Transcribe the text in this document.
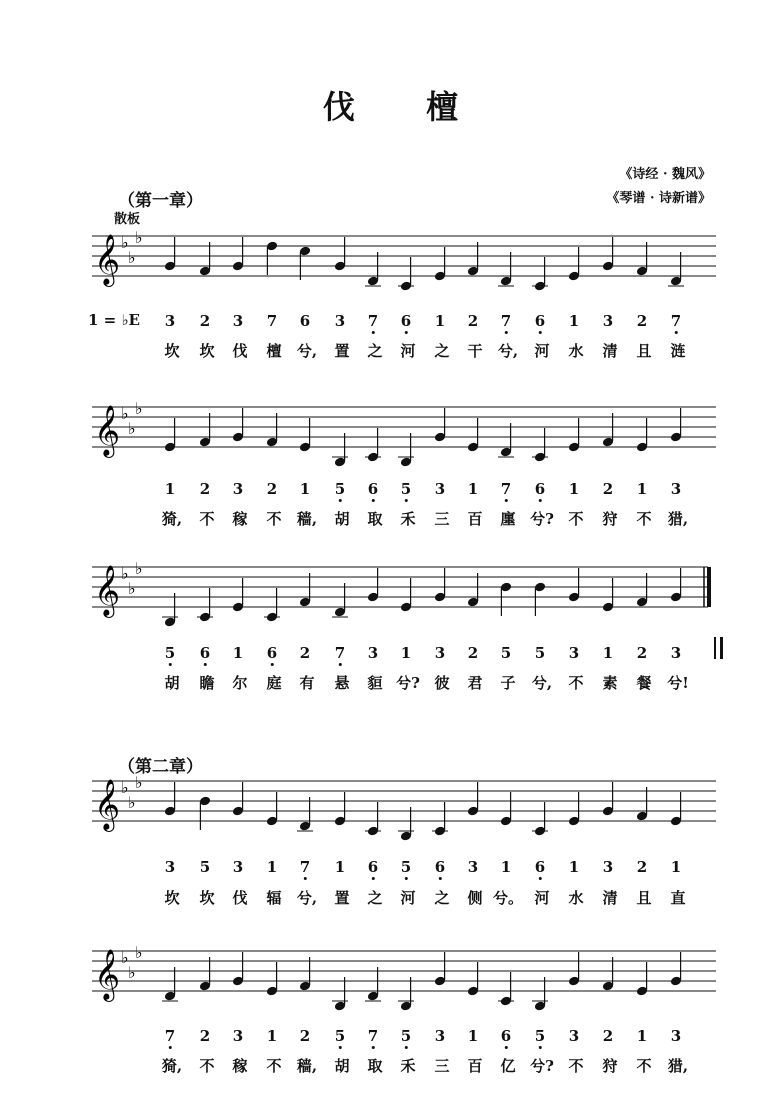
伐 檀
《诗经 · 魏风》
《琴谱 · 诗新谱》
（第一章）
散板
（第二章）
1 = ♭E
𝄞 ♭
♭
♭
𝄞 ♭
♭
♭
𝄞 ♭
♭
♭
𝄞 ♭
♭
♭
𝄞 ♭
♭
♭
3 2 3 7 6 3 7 6 1 2 7 6 1 3 2 7
坎 坎 伐 檀 兮, 置 之 河 之 干 兮, 河 水 清 且 涟
1 2 3 2 1 5 6 5 3 1 7 6 1 2 1 3
猗, 不 稼 不 穑, 胡 取 禾 三 百 廛 兮? 不 狩 不 猎,
5 6 1 6 2 7 3 1 3 2 5 5 3 1 2 3
胡 瞻 尔 庭 有 悬 貆 兮? 彼 君 子 兮, 不 素 餐 兮!
3 5 3 1 7 1 6 5 6 3 1 6 1 3 2 1
坎 坎 伐 辐 兮, 置 之 河 之 侧 兮。 河 水 清 且 直
7 2 3 1 2 5 7 5 3 1 6 5 3 2 1 3
猗, 不 稼 不 穑, 胡 取 禾 三 百 亿 兮? 不 狩 不 猎,
